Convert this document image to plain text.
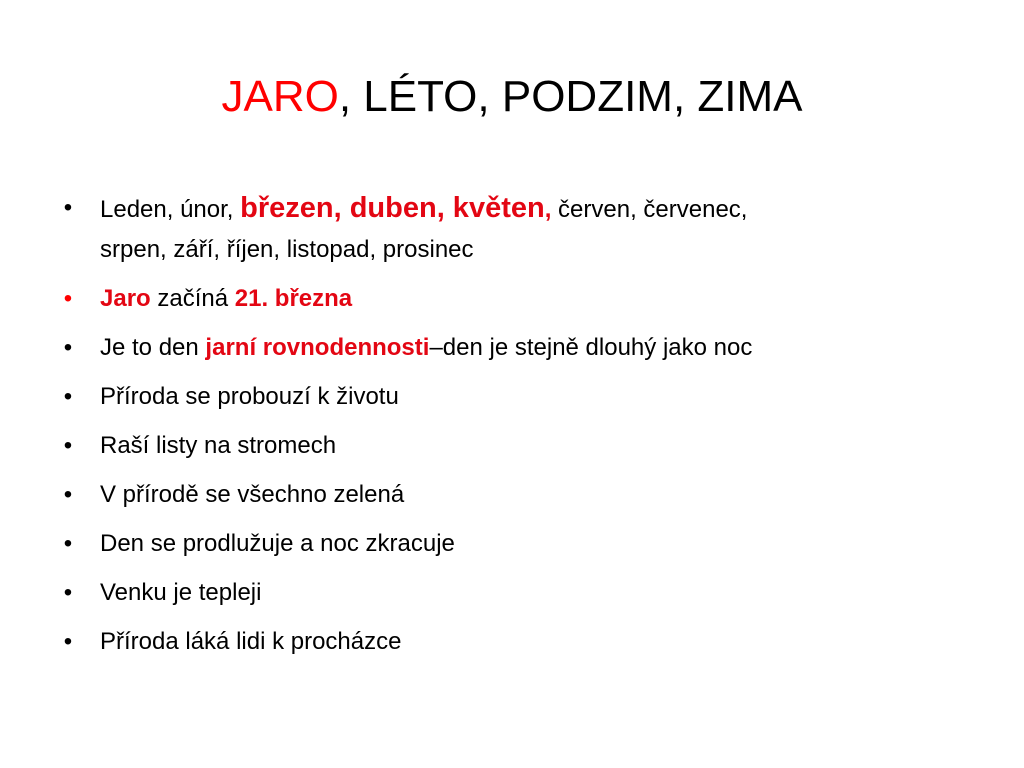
JARO, LÉTO, PODZIM, ZIMA
• Leden, únor, březen, duben, květen, červen, červenec,
srpen, září, říjen, listopad, prosinec
• Jaro začíná 21. března
• Je to den jarní rovnodennosti–den je stejně dlouhý jako noc
• Příroda se probouzí k životu
• Raší listy na stromech
• V přírodě se všechno zelená
• Den se prodlužuje a noc zkracuje
• Venku je tepleji
• Příroda láká lidi k procházce
